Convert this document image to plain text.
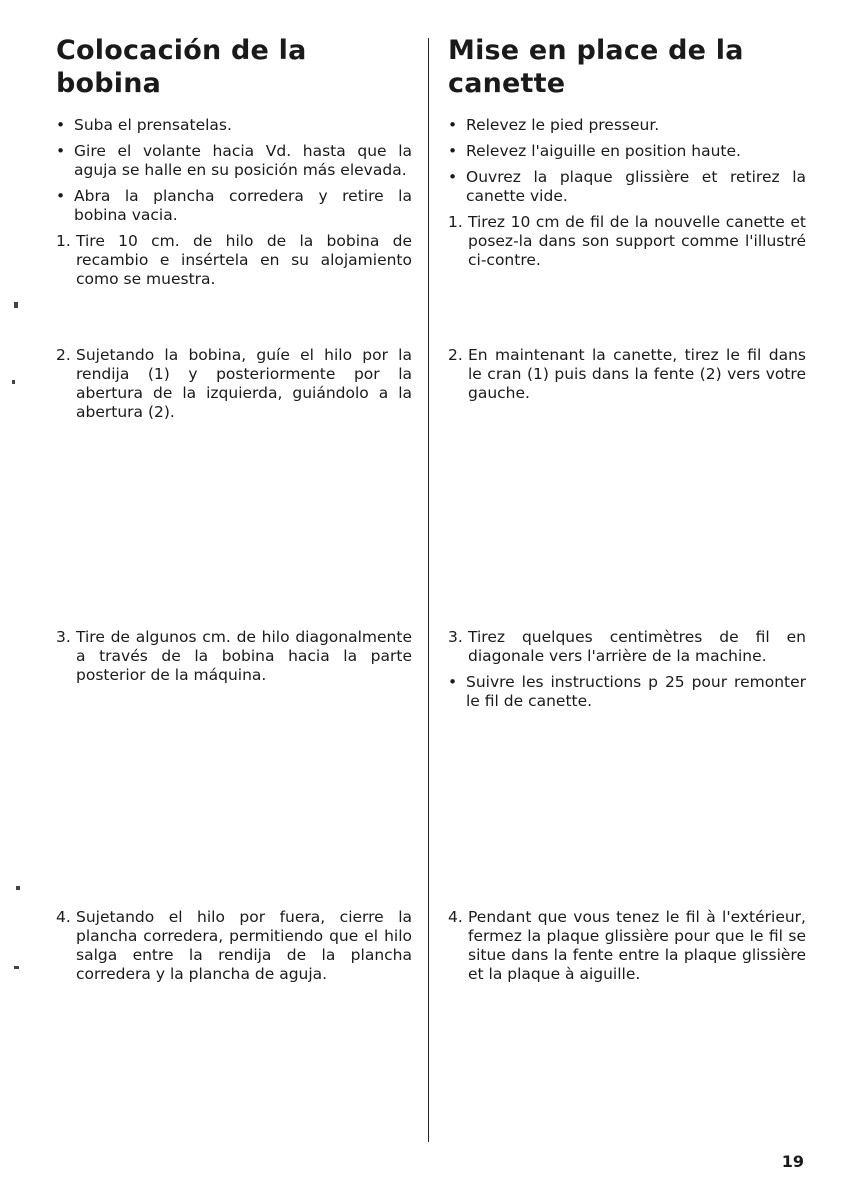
Colocación de la
bobina
• Suba el prensatelas.
• Gire el volante hacia Vd. hasta que la aguja se halle en su posición más elevada.
• Abra la plancha corredera y retire la bobina vacia.
1. Tire 10 cm. de hilo de la bobina de recambio e insértela en su alojamiento como se muestra.
2. Sujetando la bobina, guíe el hilo por la rendija (1) y posteriormente por la abertura de la izquierda, guiándolo a la abertura (2).
3. Tire de algunos cm. de hilo diagonalmente a través de la bobina hacia la parte posterior de la máquina.
4. Sujetando el hilo por fuera, cierre la plancha corredera, permitiendo que el hilo salga entre la rendija de la plancha corredera y la plancha de aguja.
Mise en place de la
canette
• Relevez le pied presseur.
• Relevez l'aiguille en position haute.
• Ouvrez la plaque glissière et retirez la canette vide.
1. Tirez 10 cm de fil de la nouvelle canette et posez-la dans son support comme l'illustré ci-contre.
2. En maintenant la canette, tirez le fil dans le cran (1) puis dans la fente (2) vers votre gauche.
3. Tirez quelques centimètres de fil en diagonale vers l'arrière de la machine.
• Suivre les instructions p 25 pour remonter le fil de canette.
4. Pendant que vous tenez le fil à l'extérieur, fermez la plaque glissière pour que le fil se situe dans la fente entre la plaque glissière et la plaque à aiguille.
19
